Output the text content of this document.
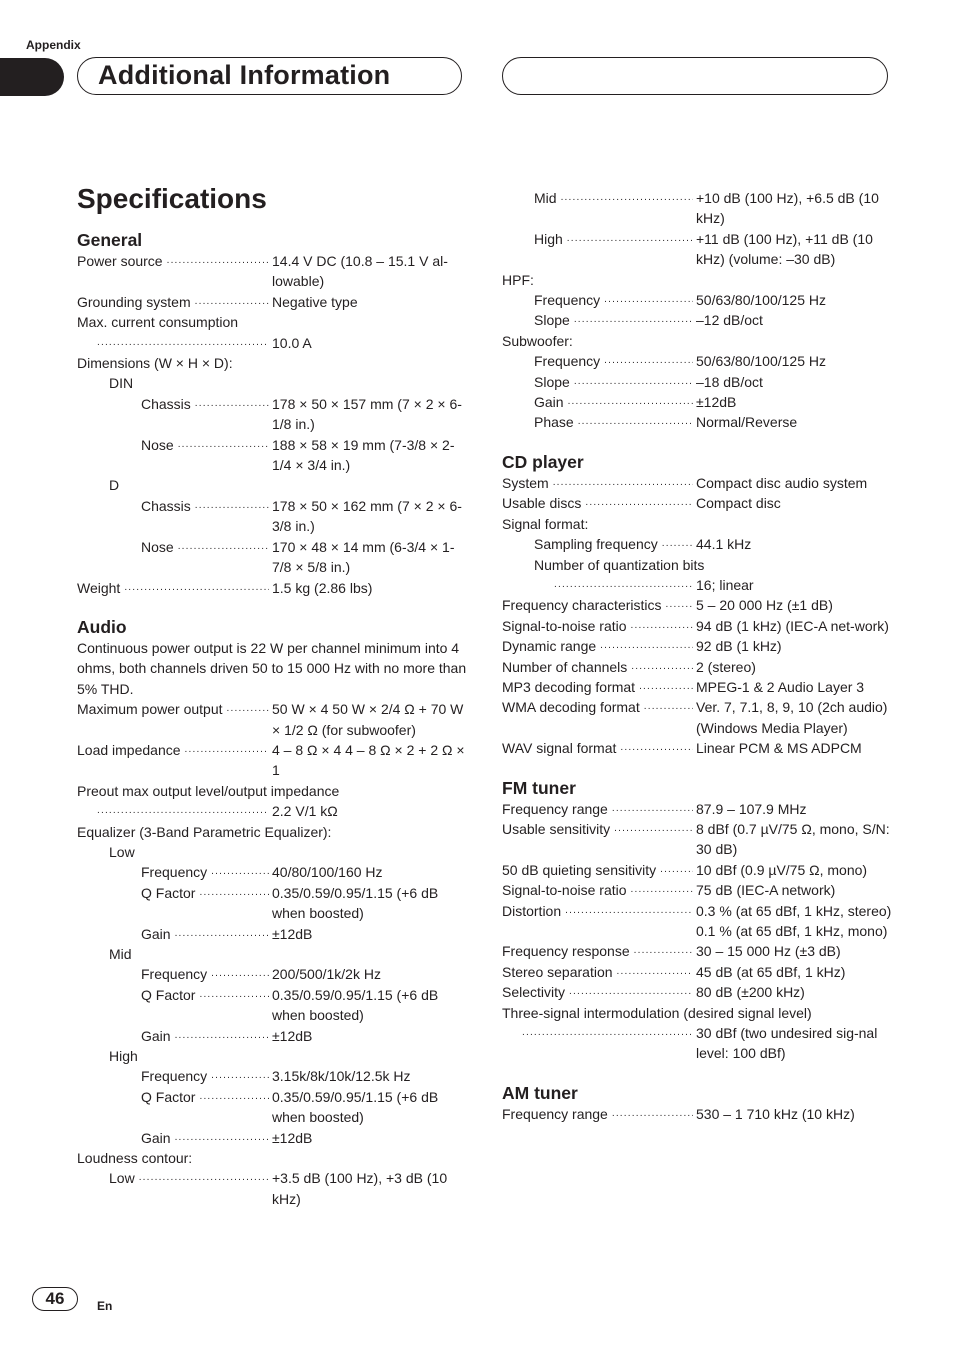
Appendix
Additional Information
Specifications
General
Power source .....	14.4 V DC (10.8 – 15.1 V al-lowable)
Grounding system .....	Negative type
Max. current consumption
.....
10.0 A
Dimensions (W × H × D):
DIN
Chassis .....	178 × 50 × 157 mm (7 × 2 × 6-1/8 in.)
Nose .....	188 × 58 × 19 mm (7-3/8 × 2-1/4 × 3/4 in.)
D
Chassis .....	178 × 50 × 162 mm (7 × 2 × 6-3/8 in.)
Nose .....	170 × 48 × 14 mm (6-3/4 × 1-7/8 × 5/8 in.)
Weight .....	1.5 kg (2.86 lbs)
Audio
Continuous power output is 22 W per channel minimum into 4 ohms, both channels driven 50 to 15 000 Hz with no more than 5% THD.
Maximum power output .....	50 W × 4 50 W × 2/4 Ω + 70 W × 1/2 Ω (for subwoofer)
Load impedance .....	4 – 8 Ω × 4 4 – 8 Ω × 2 + 2 Ω × 1
Preout max output level/output impedance
.....
2.2 V/1 kΩ
Equalizer (3-Band Parametric Equalizer):
Low
Frequency .....	40/80/100/160 Hz
Q Factor .....	0.35/0.59/0.95/1.15 (+6 dB when boosted)
Gain .....	±12dB
Mid
Frequency .....	200/500/1k/2k Hz
Q Factor .....	0.35/0.59/0.95/1.15 (+6 dB when boosted)
Gain .....	±12dB
High
Frequency .....	3.15k/8k/10k/12.5k Hz
Q Factor .....	0.35/0.59/0.95/1.15 (+6 dB when boosted)
Gain .....	±12dB
Loudness contour:
Low .....	+3.5 dB (100 Hz), +3 dB (10 kHz)
Mid .....	+10 dB (100 Hz), +6.5 dB (10 kHz)
High .....	+11 dB (100 Hz), +11 dB (10 kHz) (volume: –30 dB)
HPF:
Frequency .....	50/63/80/100/125 Hz
Slope .....	–12 dB/oct
Subwoofer:
Frequency .....	50/63/80/100/125 Hz
Slope .....	–18 dB/oct
Gain .....	±12dB
Phase .....	Normal/Reverse
CD player
System .....	Compact disc audio system
Usable discs .....	Compact disc
Signal format:
Sampling frequency .....	44.1 kHz
Number of quantization bits
.....
16; linear
Frequency characteristics ..... 5 – 20 000 Hz (±1 dB)
Signal-to-noise ratio .....	94 dB (1 kHz) (IEC-A net-work)
Dynamic range .....	92 dB (1 kHz)
Number of channels .....	2 (stereo)
MP3 decoding format .....	MPEG-1 & 2 Audio Layer 3
WMA decoding format .....	Ver. 7, 7.1, 8, 9, 10 (2ch audio) (Windows Media Player)
WAV signal format .....	Linear PCM & MS ADPCM
FM tuner
Frequency range .....	87.9 – 107.9 MHz
Usable sensitivity .....	8 dBf (0.7 µV/75 Ω, mono, S/N: 30 dB)
50 dB quieting sensitivity .....	10 dBf (0.9 µV/75 Ω, mono)
Signal-to-noise ratio .....	75 dB (IEC-A network)
Distortion .....	0.3 % (at 65 dBf, 1 kHz, stereo) 0.1 % (at 65 dBf, 1 kHz, mono)
Frequency response .....	30 – 15 000 Hz (±3 dB)
Stereo separation .....	45 dB (at 65 dBf, 1 kHz)
Selectivity .....	80 dB (±200 kHz)
Three-signal intermodulation (desired signal level)
.....
30 dBf (two undesired sig-nal level: 100 dBf)
AM tuner
Frequency range .....	530 – 1 710 kHz (10 kHz)
46	En
